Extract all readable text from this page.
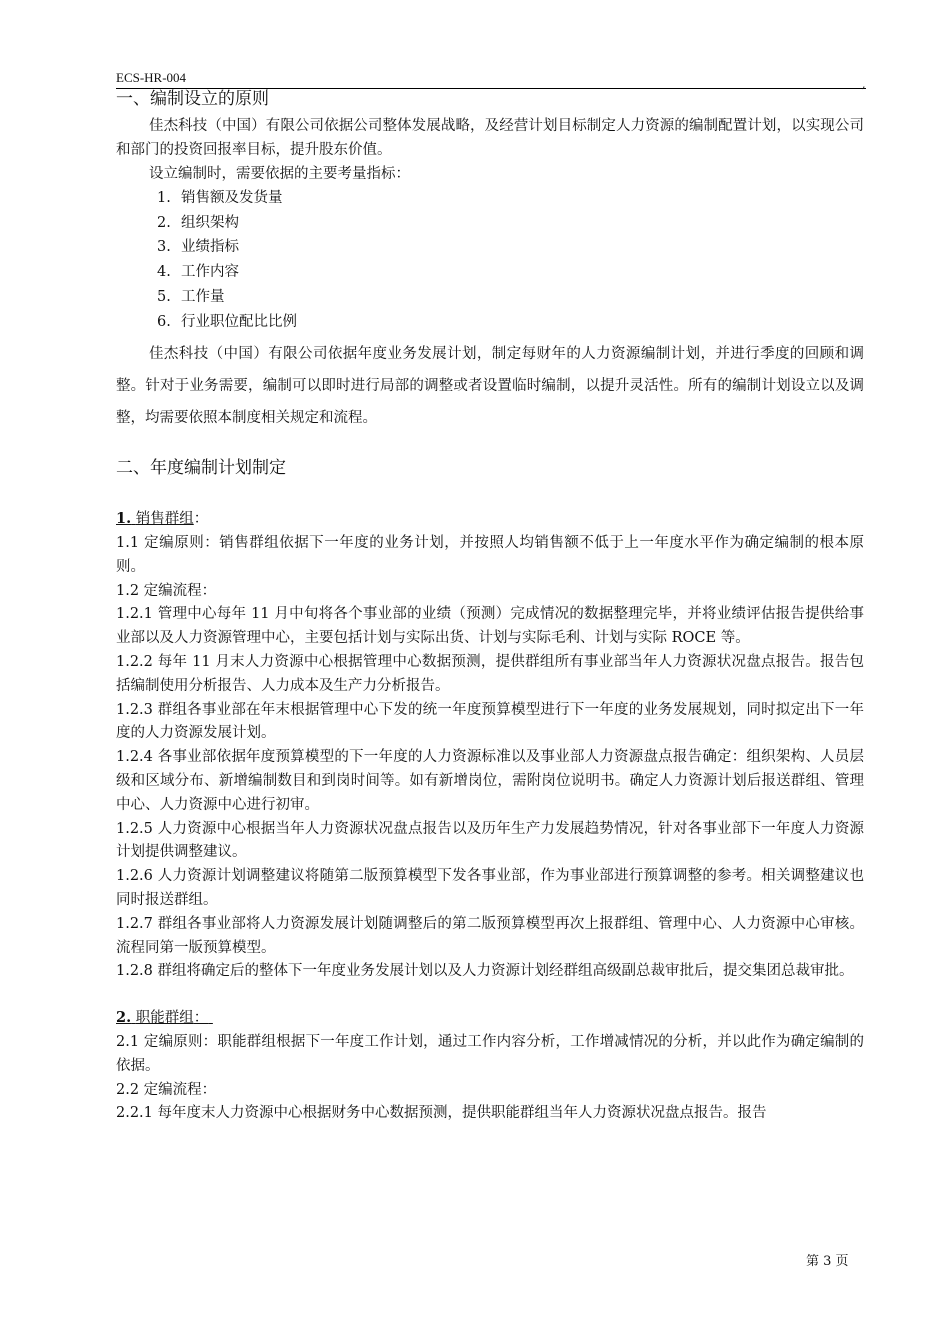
ECS-HR-004	,

一、编制设立的原则

佳杰科技（中国）有限公司依据公司整体发展战略，及经营计划目标制定人力资源的编制配置计划，以实现公司和部门的投资回报率目标，提升股东价值。

设立编制时，需要依据的主要考量指标：

1. 销售额及发货量
2. 组织架构
3. 业绩指标
4. 工作内容
5. 工作量
6. 行业职位配比比例

佳杰科技（中国）有限公司依据年度业务发展计划，制定每财年的人力资源编制计划，并进行季度的回顾和调整。针对于业务需要，编制可以即时进行局部的调整或者设置临时编制，以提升灵活性。所有的编制计划设立以及调整，均需要依照本制度相关规定和流程。

二、年度编制计划制定

1. 销售群组：

1.1 定编原则：销售群组依据下一年度的业务计划，并按照人均销售额不低于上一年度水平作为确定编制的根本原则。

1.2 定编流程：

1.2.1 管理中心每年 11 月中旬将各个事业部的业绩（预测）完成情况的数据整理完毕，并将业绩评估报告提供给事业部以及人力资源管理中心，主要包括计划与实际出货、计划与实际毛利、计划与实际 ROCE 等。

1.2.2 每年 11 月末人力资源中心根据管理中心数据预测，提供群组所有事业部当年人力资源状况盘点报告。报告包括编制使用分析报告、人力成本及生产力分析报告。

1.2.3 群组各事业部在年末根据管理中心下发的统一年度预算模型进行下一年度的业务发展规划，同时拟定出下一年度的人力资源发展计划。

1.2.4 各事业部依据年度预算模型的下一年度的人力资源标准以及事业部人力资源盘点报告确定：组织架构、人员层级和区域分布、新增编制数目和到岗时间等。如有新增岗位，需附岗位说明书。确定人力资源计划后报送群组、管理中心、人力资源中心进行初审。

1.2.5 人力资源中心根据当年人力资源状况盘点报告以及历年生产力发展趋势情况，针对各事业部下一年度人力资源计划提供调整建议。

1.2.6 人力资源计划调整建议将随第二版预算模型下发各事业部，作为事业部进行预算调整的参考。相关调整建议也同时报送群组。

1.2.7 群组各事业部将人力资源发展计划随调整后的第二版预算模型再次上报群组、管理中心、人力资源中心审核。流程同第一版预算模型。

1.2.8 群组将确定后的整体下一年度业务发展计划以及人力资源计划经群组高级副总裁审批后，提交集团总裁审批。

2. 职能群组：

2.1 定编原则：职能群组根据下一年度工作计划，通过工作内容分析，工作增减情况的分析，并以此作为确定编制的依据。

2.2 定编流程：

2.2.1 每年度末人力资源中心根据财务中心数据预测，提供职能群组当年人力资源状况盘点报告。报告

第 3 页
